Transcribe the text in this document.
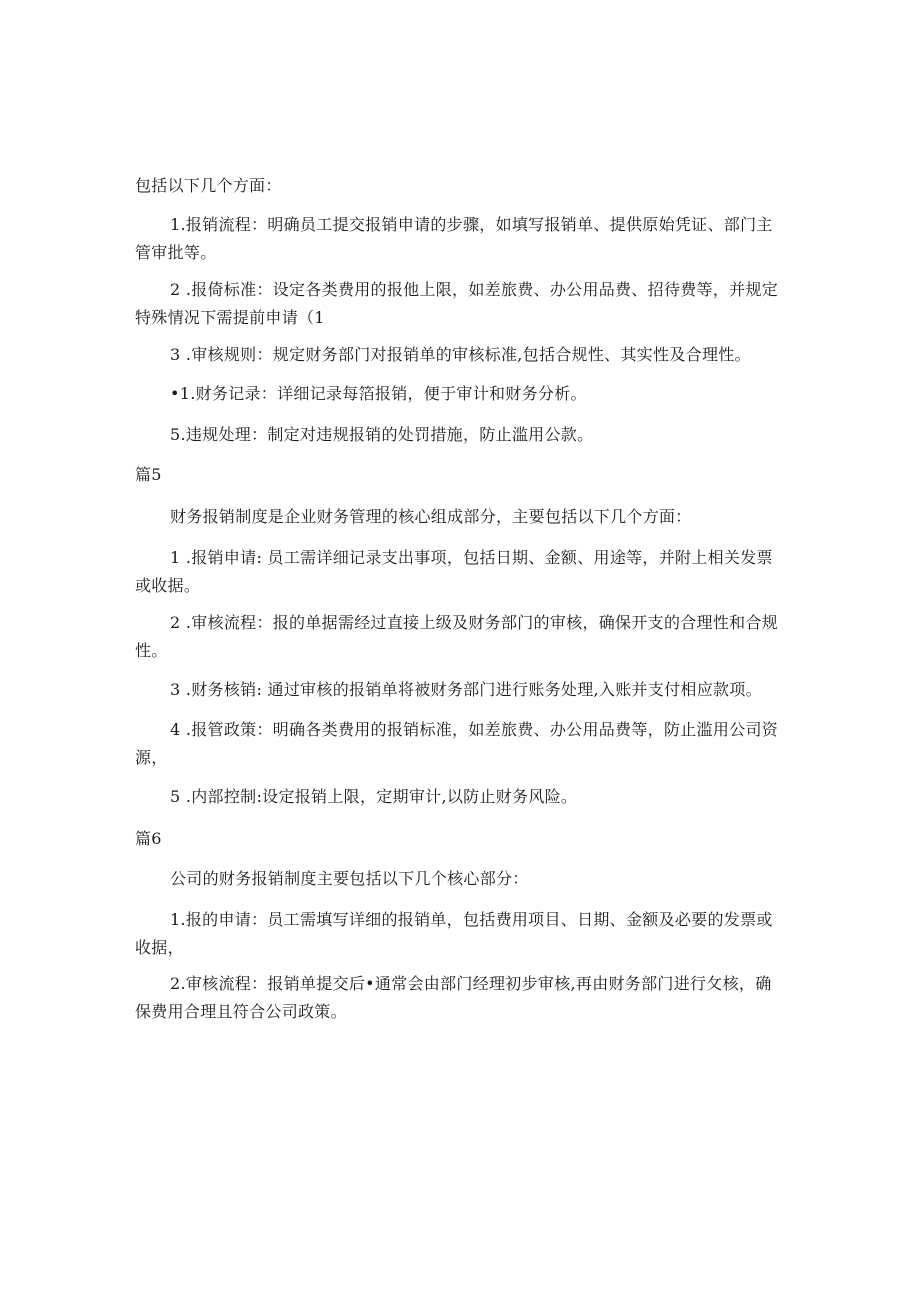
包括以下几个方面：
1.报销流程：明确员工提交报销申请的步骤，如填写报销单、提供原始凭证、部门主管审批等。
2 .报倚标准：设定各类费用的报他上限，如差旅费、办公用品费、招待费等，并规定特殊情况下需提前申请（1
3 .审核规则：规定财务部门对报销单的审核标准,包括合规性、其实性及合理性。
•1.财务记录：详细记录每箔报销，便于审计和财务分析。
5.违规处理：制定对违规报销的处罚措施，防止滥用公款。
篇5
财务报销制度是企业财务管理的核心组成部分，主要包括以下几个方面：
1 .报销申请: 员工需详细记录支出事项，包括日期、金额、用途等，并附上相关发票或收据。
2 .审核流程：报的单据需经过直接上级及财务部门的审核，确保开支的合理性和合规性。
3 .财务核销: 通过审核的报销单将被财务部门进行账务处理,入账并支付相应款项。
4 .报管政策：明确各类费用的报销标准，如差旅费、办公用品费等，防止滥用公司资源，
5 .内部控制:设定报销上限，定期审计,以防止财务风险。
篇6
公司的财务报销制度主要包括以下几个核心部分：
1.报的申请：员工需填写详细的报销单，包括费用项目、日期、金额及必要的发票或收据，
2.审核流程：报销单提交后•通常会由部门经理初步审核,再由财务部门进行攵核，确保费用合理且符合公司政策。
